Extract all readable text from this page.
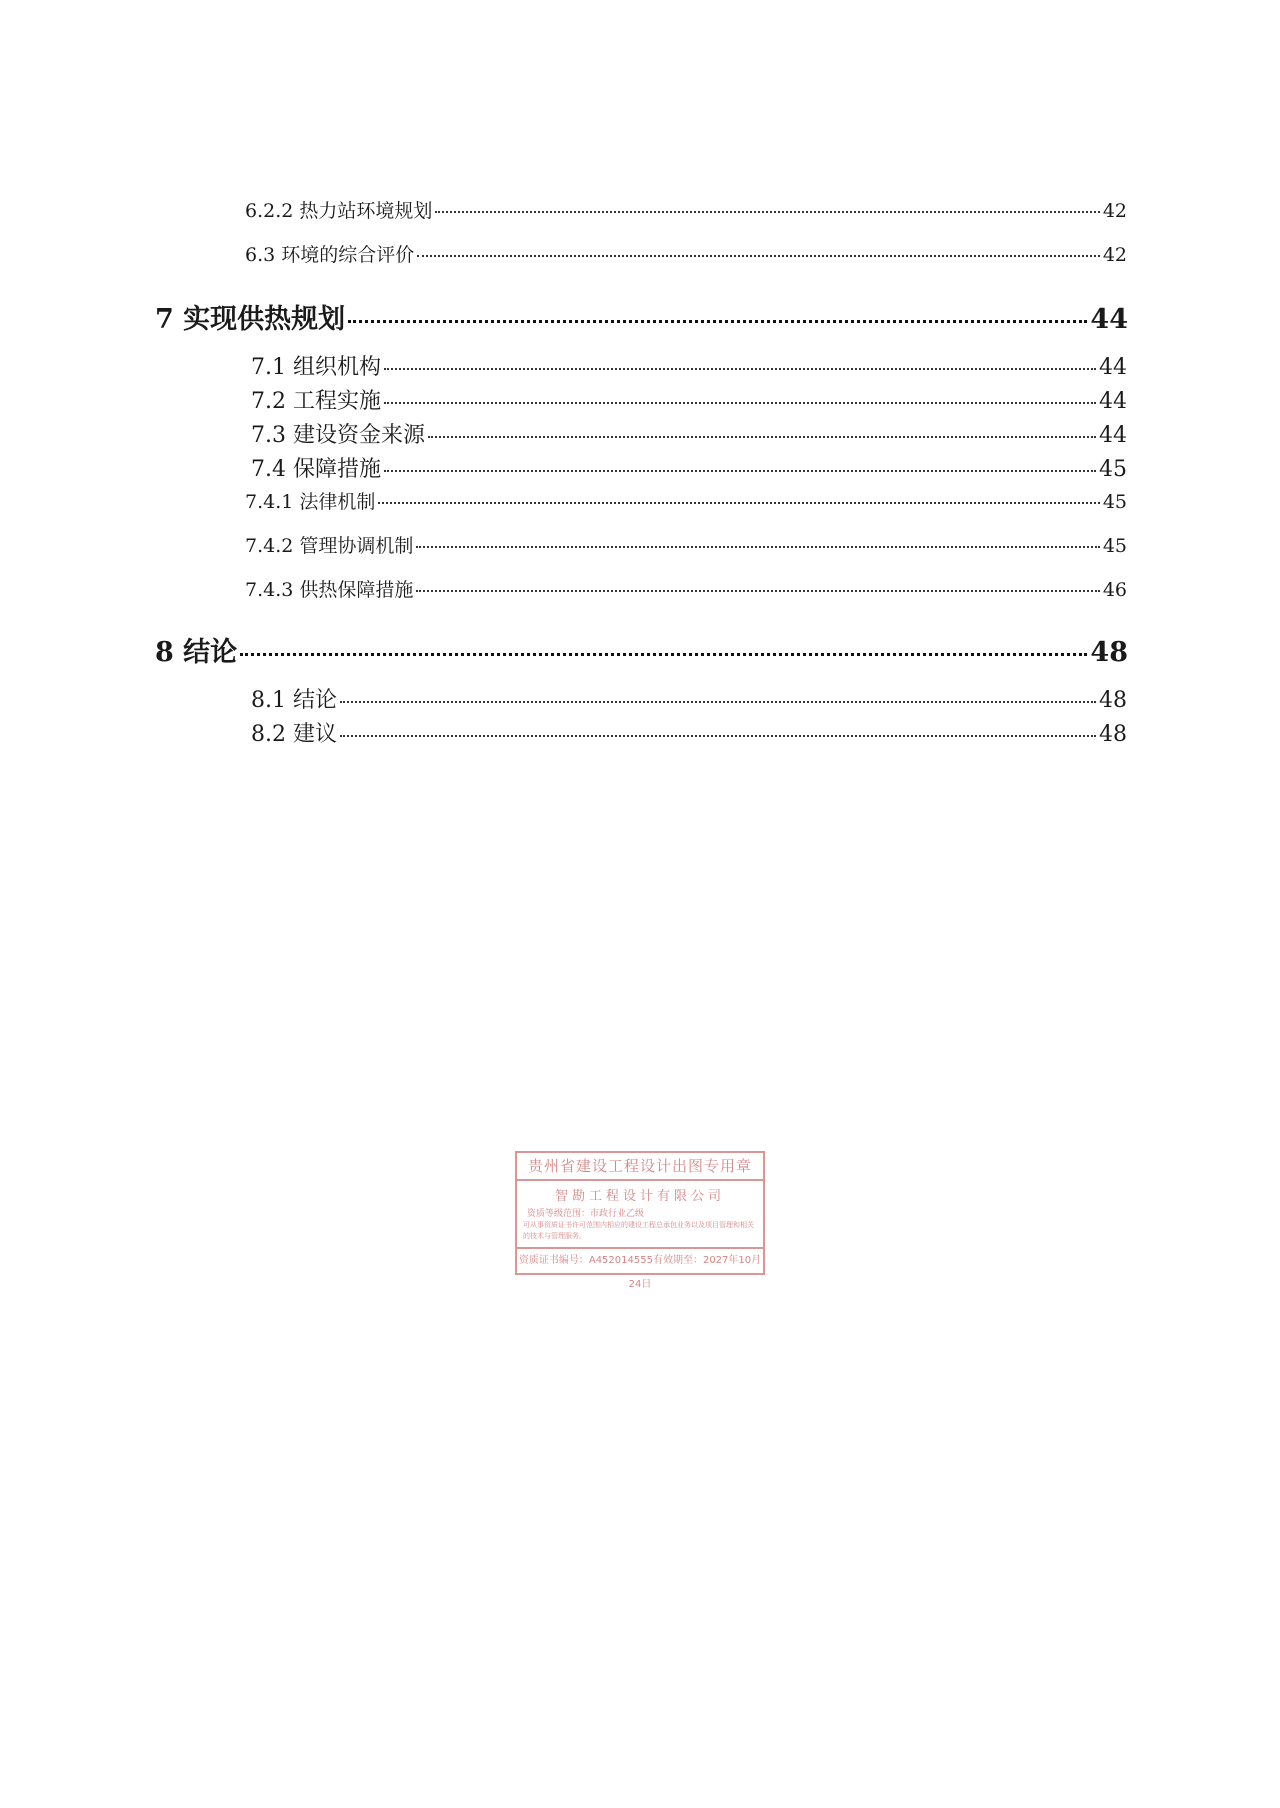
6.2.2 热力站环境规划	42
6.3 环境的综合评价	42
7 实现供热规划	44
7.1 组织机构	44
7.2 工程实施	44
7.3 建设资金来源	44
7.4 保障措施	45
7.4.1 法律机制	45
7.4.2 管理协调机制	45
7.4.3 供热保障措施	46
8 结论	48
8.1 结论	48
8.2 建议	48
贵州省建设工程设计出图专用章
智勘工程设计有限公司
资质等级范围：市政行业乙级
可从事资质证书许可范围内相应的建设工程总承包业务以及项目管理和相关的技术与管理服务。
资质证书编号：A452014555有效期至：2027年10月24日
